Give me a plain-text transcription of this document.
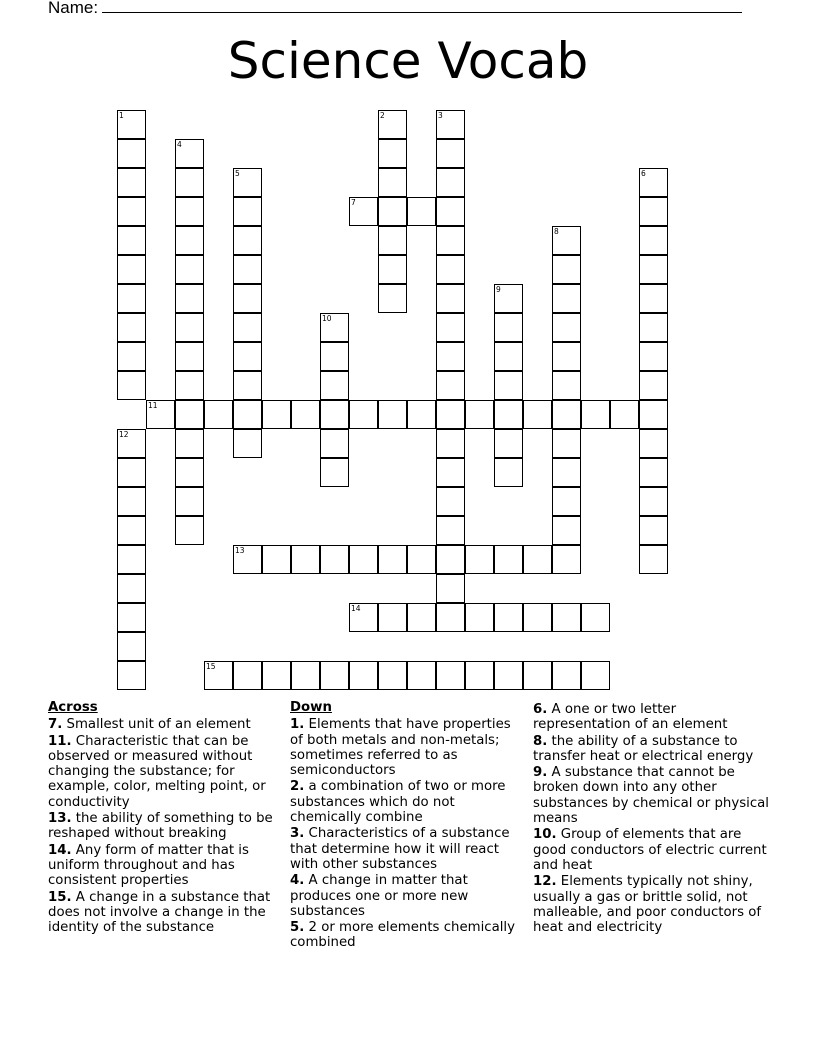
Name:
Science Vocab
1	2	3
4
5	6
7
8
9
10
11
12
13
14
15
Across
7. Smallest unit of an element
11. Characteristic that can be observed or measured without changing the substance; for example, color, melting point, or conductivity
13. the ability of something to be reshaped without breaking
14. Any form of matter that is uniform throughout and has consistent properties
15. A change in a substance that does not involve a change in the identity of the substance
Down
1. Elements that have properties of both metals and non-metals; sometimes referred to as semiconductors
2. a combination of two or more substances which do not chemically combine
3. Characteristics of a substance that determine how it will react with other substances
4. A change in matter that produces one or more new substances
5. 2 or more elements chemically combined
6. A one or two letter representation of an element
8. the ability of a substance to transfer heat or electrical energy
9. A substance that cannot be broken down into any other substances by chemical or physical means
10. Group of elements that are good conductors of electric current and heat
12. Elements typically not shiny, usually a gas or brittle solid, not malleable, and poor conductors of heat and electricity
